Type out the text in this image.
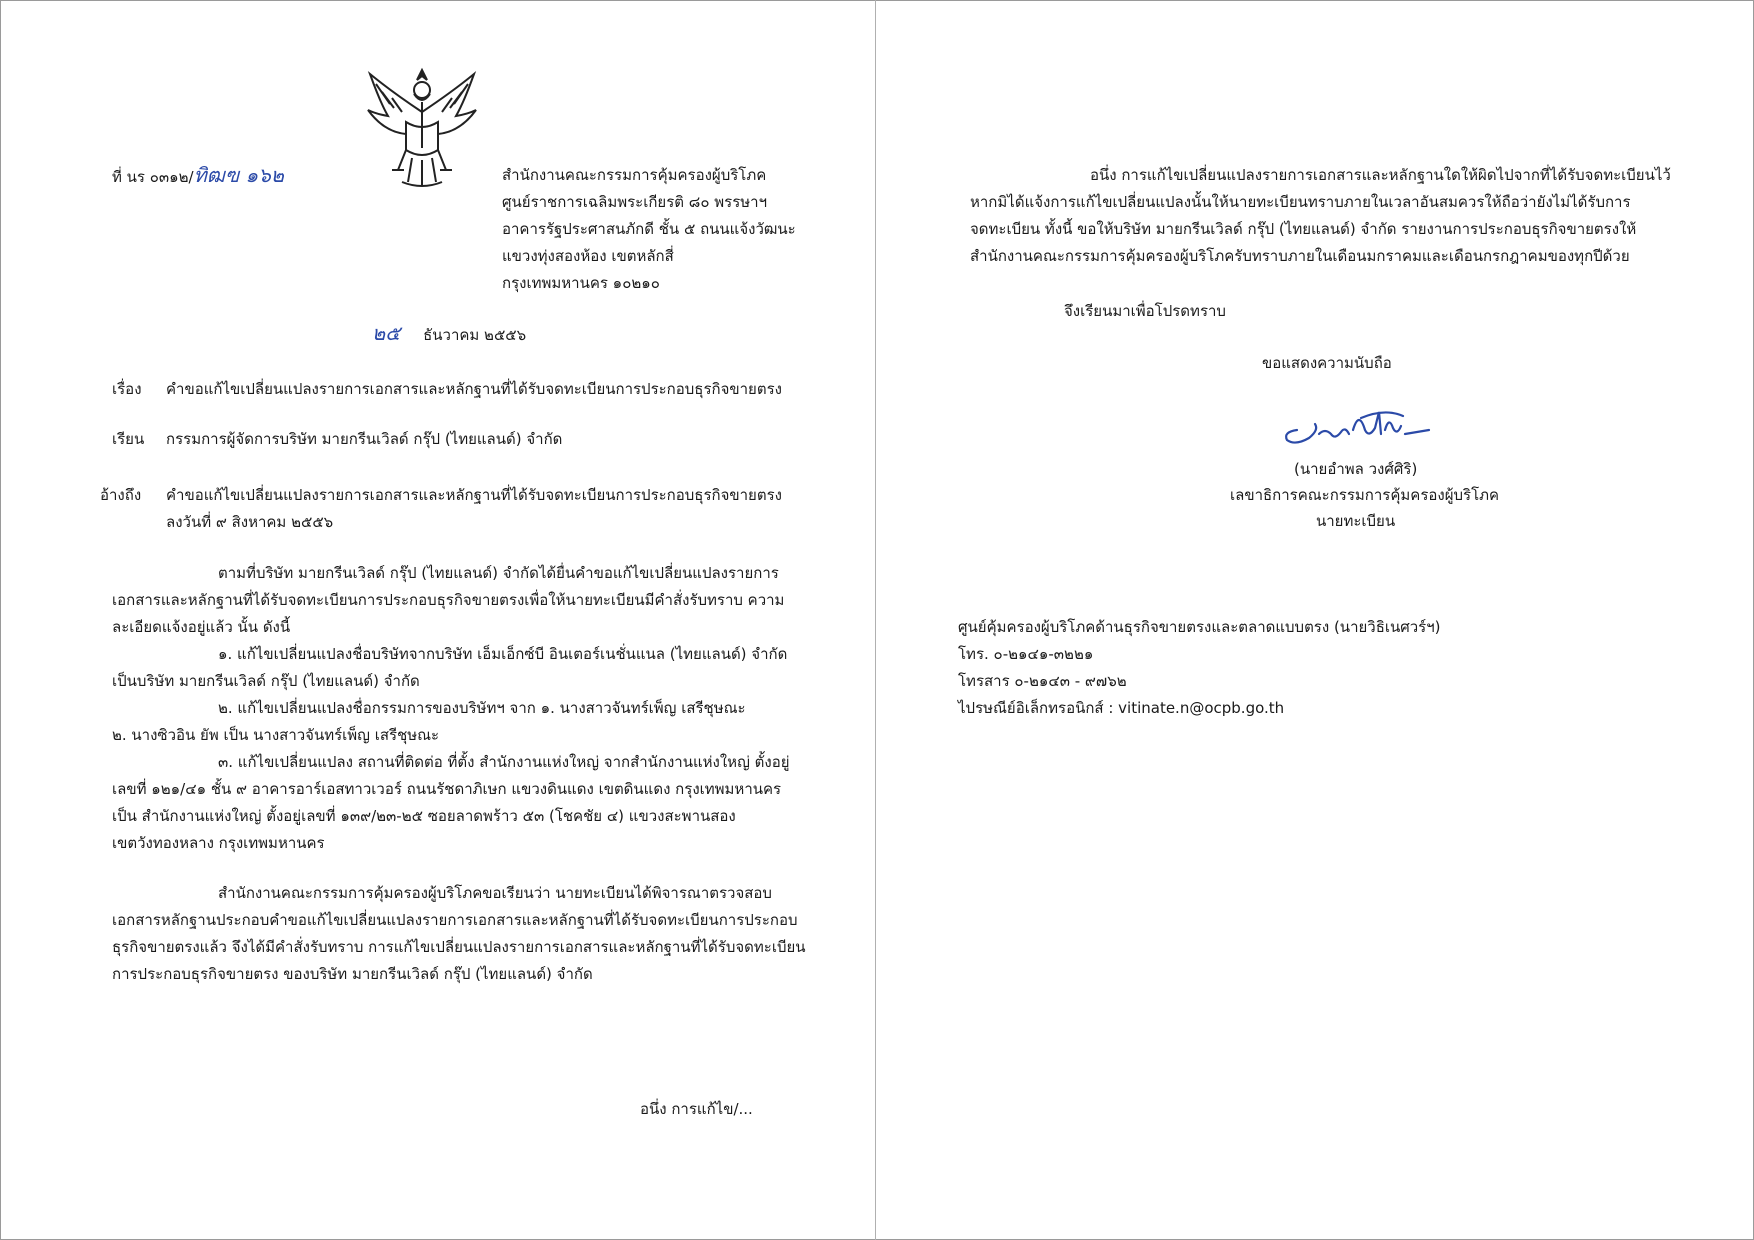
ที่ นร ๐๓๑๒/ทิฒฃ ๑๖๒	สำนักงานคณะกรรมการคุ้มครองผู้บริโภค

ศูนย์ราชการเฉลิมพระเกียรติ ๘๐ พรรษาฯ

อาคารรัฐประศาสนภักดี ชั้น ๕ ถนนแจ้งวัฒนะ

แขวงทุ่งสองห้อง เขตหลักสี่

กรุงเทพมหานคร ๑๐๒๑๐

๒๕ ธันวาคม ๒๕๕๖
เรื่อง คำขอแก้ไขเปลี่ยนแปลงรายการเอกสารและหลักฐานที่ได้รับจดทะเบียนการประกอบธุรกิจขายตรง
เรียน กรรมการผู้จัดการบริษัท มายกรีนเวิลด์ กรุ๊ป (ไทยแลนด์) จำกัด
อ้างถึง คำขอแก้ไขเปลี่ยนแปลงรายการเอกสารและหลักฐานที่ได้รับจดทะเบียนการประกอบธุรกิจขายตรง

ลงวันที่ ๙ สิงหาคม ๒๕๕๖

ตามที่บริษัท มายกรีนเวิลด์ กรุ๊ป (ไทยแลนด์) จำกัดได้ยื่นคำขอแก้ไขเปลี่ยนแปลงรายการ

เอกสารและหลักฐานที่ได้รับจดทะเบียนการประกอบธุรกิจขายตรงเพื่อให้นายทะเบียนมีคำสั่งรับทราบ ความ

ละเอียดแจ้งอยู่แล้ว นั้น ดังนี้

๑. แก้ไขเปลี่ยนแปลงชื่อบริษัทจากบริษัท เอ็มเอ็กซ์บี อินเตอร์เนชั่นแนล (ไทยแลนด์) จำกัด

เป็นบริษัท มายกรีนเวิลด์ กรุ๊ป (ไทยแลนด์) จำกัด

๒. แก้ไขเปลี่ยนแปลงชื่อกรรมการของบริษัทฯ จาก ๑. นางสาวจันทร์เพ็ญ เสรีชุษณะ

๒. นางซิวอิน ยัพ เป็น นางสาวจันทร์เพ็ญ เสรีชุษณะ

๓. แก้ไขเปลี่ยนแปลง สถานที่ติดต่อ ที่ตั้ง สำนักงานแห่งใหญ่ จากสำนักงานแห่งใหญ่ ตั้งอยู่

เลขที่ ๑๒๑/๔๑ ชั้น ๙ อาคารอาร์เอสทาวเวอร์ ถนนรัชดาภิเษก แขวงดินแดง เขตดินแดง กรุงเทพมหานคร

เป็น สำนักงานแห่งใหญ่ ตั้งอยู่เลขที่ ๑๓๙/๒๓-๒๕ ซอยลาดพร้าว ๕๓ (โชคชัย ๔) แขวงสะพานสอง

เขตวังทองหลาง กรุงเทพมหานคร

สำนักงานคณะกรรมการคุ้มครองผู้บริโภคขอเรียนว่า นายทะเบียนได้พิจารณาตรวจสอบ

เอกสารหลักฐานประกอบคำขอแก้ไขเปลี่ยนแปลงรายการเอกสารและหลักฐานที่ได้รับจดทะเบียนการประกอบ

ธุรกิจขายตรงแล้ว จึงได้มีคำสั่งรับทราบ การแก้ไขเปลี่ยนแปลงรายการเอกสารและหลักฐานที่ได้รับจดทะเบียน

การประกอบธุรกิจขายตรง ของบริษัท มายกรีนเวิลด์ กรุ๊ป (ไทยแลนด์) จำกัด

อนึ่ง การแก้ไข/...

อนึ่ง การแก้ไขเปลี่ยนแปลงรายการเอกสารและหลักฐานใดให้ผิดไปจากที่ได้รับจดทะเบียนไว้

หากมิได้แจ้งการแก้ไขเปลี่ยนแปลงนั้นให้นายทะเบียนทราบภายในเวลาอันสมควรให้ถือว่ายังไม่ได้รับการ

จดทะเบียน ทั้งนี้ ขอให้บริษัท มายกรีนเวิลด์ กรุ๊ป (ไทยแลนด์) จำกัด รายงานการประกอบธุรกิจขายตรงให้

สำนักงานคณะกรรมการคุ้มครองผู้บริโภครับทราบภายในเดือนมกราคมและเดือนกรกฎาคมของทุกปีด้วย

จึงเรียนมาเพื่อโปรดทราบ
ขอแสดงความนับถือ
(นายอำพล วงศ์ศิริ)
เลขาธิการคณะกรรมการคุ้มครองผู้บริโภค
นายทะเบียน

ศูนย์คุ้มครองผู้บริโภคด้านธุรกิจขายตรงและตลาดแบบตรง (นายวิธิเนศวร์ฯ)

โทร. ๐-๒๑๔๑-๓๒๒๑

โทรสาร ๐-๒๑๔๓ - ๙๗๖๒

ไปรษณีย์อิเล็กทรอนิกส์ : vitinate.n@ocpb.go.th
